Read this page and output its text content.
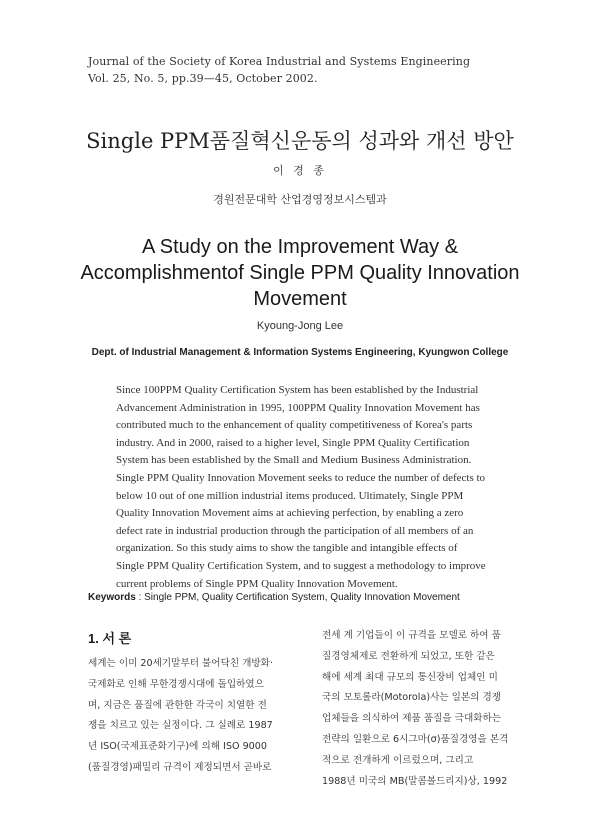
Journal of the Society of Korea Industrial and Systems Engineering
Vol. 25, No. 5, pp.39—45, October 2002.
Single PPM품질혁신운동의 성과와 개선 방안
이 경 종
경원전문대학 산업경영정보시스템과
A Study on the Improvement Way &
Accomplishmentof Single PPM Quality Innovation
Movement
Kyoung-Jong Lee
Dept. of Industrial Management & Information Systems Engineering, Kyungwon College
Since 100PPM Quality Certification System has been established by the Industrial
Advancement Administration in 1995, 100PPM Quality Innovation Movement has
contributed much to the enhancement of quality competitiveness of Korea's parts
industry. And in 2000, raised to a higher level, Single PPM Quality Certification
System has been established by the Small and Medium Business Administration.
Single PPM Quality Innovation Movement seeks to reduce the number of defects to
below 10 out of one million industrial items produced. Ultimately, Single PPM
Quality Innovation Movement aims at achieving perfection, by enabling a zero
defect rate in industrial production through the participation of all members of an
organization. So this study aims to show the tangible and intangible effects of
Single PPM Quality Certification System, and to suggest a methodology to improve
current problems of Single PPM Quality Innovation Movement.
Keywords : Single PPM, Quality Certification System, Quality Innovation Movement
1. 서 론
세계는 이미 20세기말부터 불어닥친 개방화·
국제화로 인해 무한경쟁시대에 돌입하였으
며, 지금은 품질에 관한한 각국이 치열한 전
쟁을 치르고 있는 실정이다. 그 실례로 1987
년 ISO(국제표준화기구)에 의해 ISO 9000
(품질경영)패밀리 규격이 제정되면서 곧바로
전세 계 기업들이 이 규격을 모델로 하여 품
질경영체제로 전환하게 되었고, 또한 같은
해에 세계 최대 규모의 통신장비 업체인 미
국의 모토롤라(Motorola)사는 일본의 경쟁
업체들을 의식하여 제품 품질을 극대화하는
전략의 일환으로 6시그마(σ)품질경영을 본격
적으로 전개하게 이르렀으며, 그리고
1988년 미국의 MB(말콤볼드리지)상, 1992
